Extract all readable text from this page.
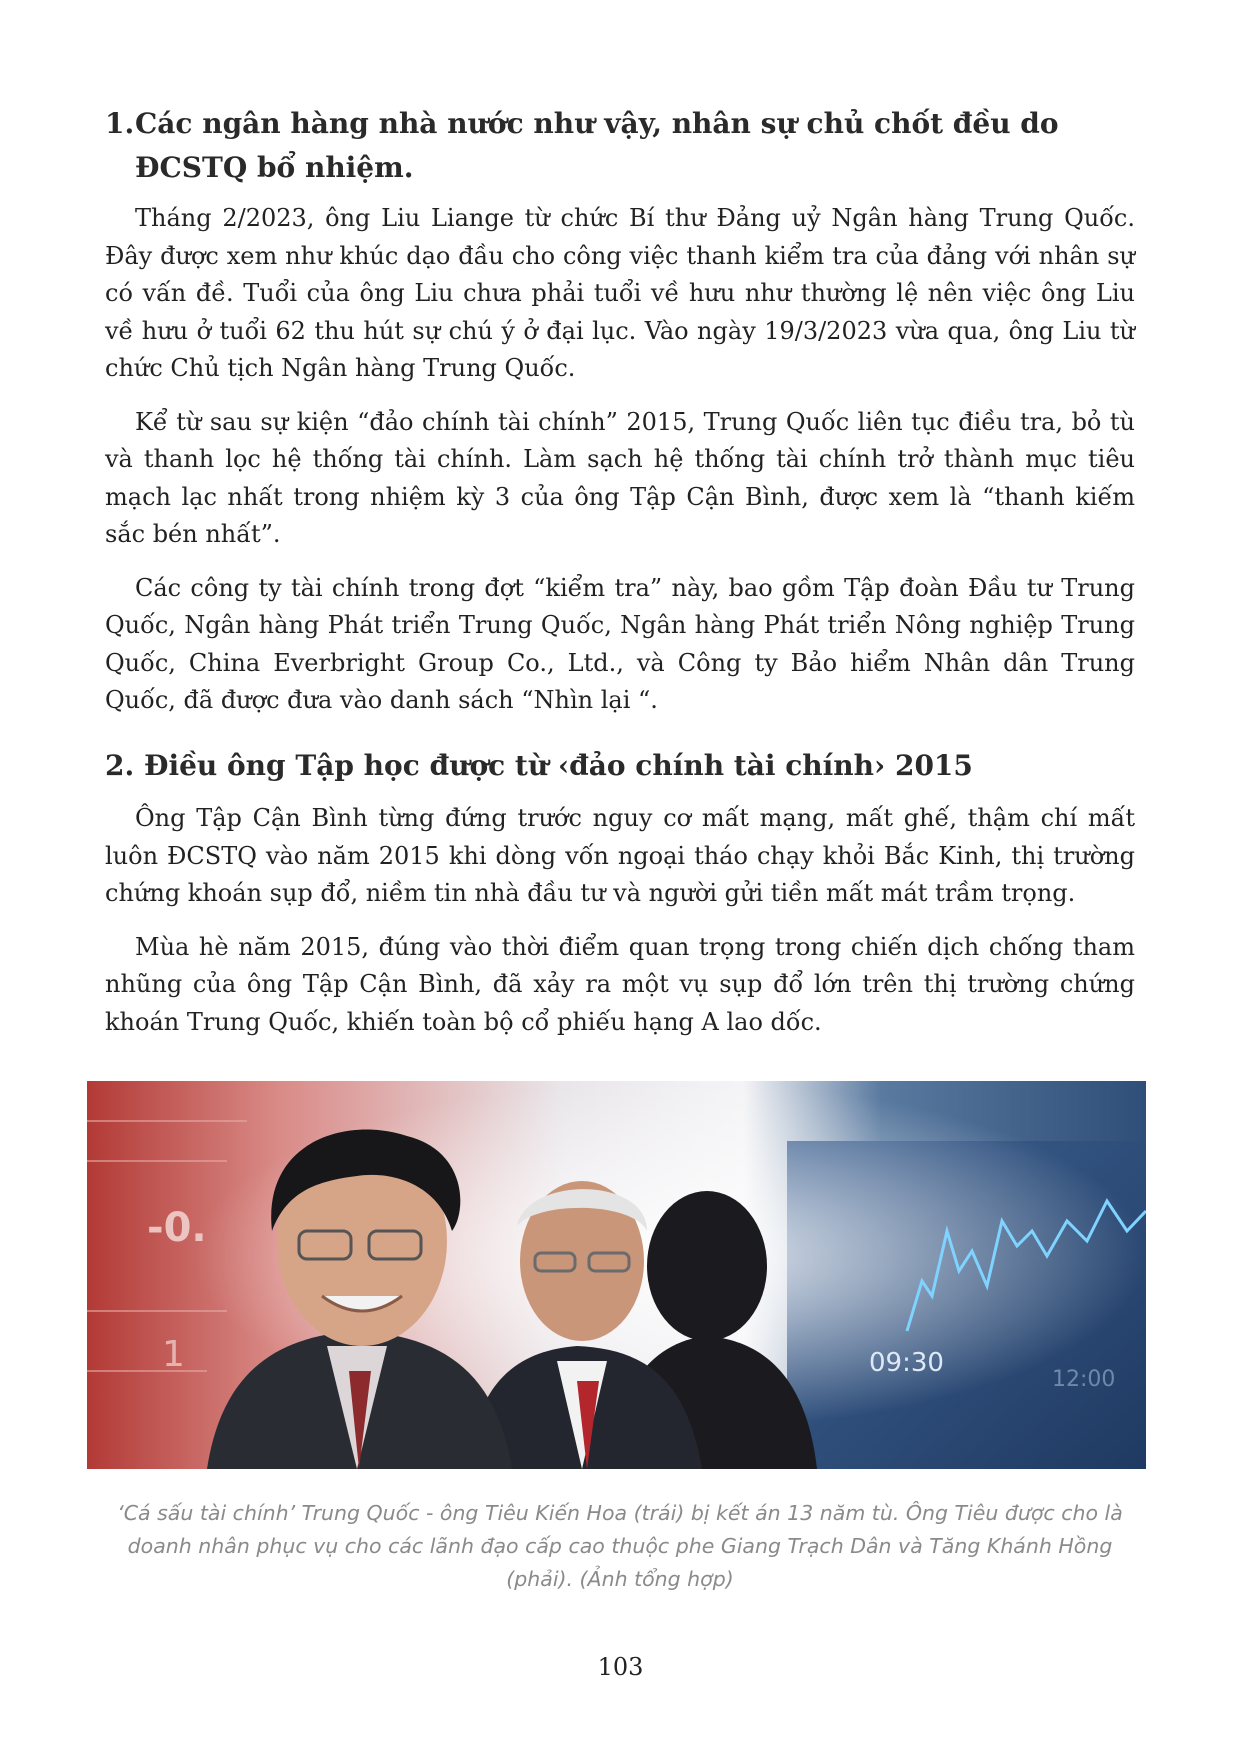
1. Các ngân hàng nhà nước như vậy, nhân sự chủ chốt đều do ĐCSTQ bổ nhiệm.

Tháng 2/2023, ông Liu Liange từ chức Bí thư Đảng uỷ Ngân hàng Trung Quốc. Đây được xem như khúc dạo đầu cho công việc thanh kiểm tra của đảng với nhân sự có vấn đề. Tuổi của ông Liu chưa phải tuổi về hưu như thường lệ nên việc ông Liu về hưu ở tuổi 62 thu hút sự chú ý ở đại lục. Vào ngày 19/3/2023 vừa qua, ông Liu từ chức Chủ tịch Ngân hàng Trung Quốc.

Kể từ sau sự kiện “đảo chính tài chính” 2015, Trung Quốc liên tục điều tra, bỏ tù và thanh lọc hệ thống tài chính. Làm sạch hệ thống tài chính trở thành mục tiêu mạch lạc nhất trong nhiệm kỳ 3 của ông Tập Cận Bình, được xem là “thanh kiếm sắc bén nhất”.

Các công ty tài chính trong đợt “kiểm tra” này, bao gồm Tập đoàn Đầu tư Trung Quốc, Ngân hàng Phát triển Trung Quốc, Ngân hàng Phát triển Nông nghiệp Trung Quốc, China Everbright Group Co., Ltd., và Công ty Bảo hiểm Nhân dân Trung Quốc, đã được đưa vào danh sách “Nhìn lại “.

2. Điều ông Tập học được từ ‹đảo chính tài chính› 2015

Ông Tập Cận Bình từng đứng trước nguy cơ mất mạng, mất ghế, thậm chí mất luôn ĐCSTQ vào năm 2015 khi dòng vốn ngoại tháo chạy khỏi Bắc Kinh, thị trường chứng khoán sụp đổ, niềm tin nhà đầu tư và người gửi tiền mất mát trầm trọng.

Mùa hè năm 2015, đúng vào thời điểm quan trọng trong chiến dịch chống tham nhũng của ông Tập Cận Bình, đã xảy ra một vụ sụp đổ lớn trên thị trường chứng khoán Trung Quốc, khiến toàn bộ cổ phiếu hạng A lao dốc.

-0.
1	09:30
12:00
‘Cá sấu tài chính’ Trung Quốc - ông Tiêu Kiến Hoa (trái) bị kết án 13 năm tù. Ông Tiêu được cho là doanh nhân phục vụ cho các lãnh đạo cấp cao thuộc phe Giang Trạch Dân và Tăng Khánh Hồng (phải). (Ảnh tổng hợp)
103
